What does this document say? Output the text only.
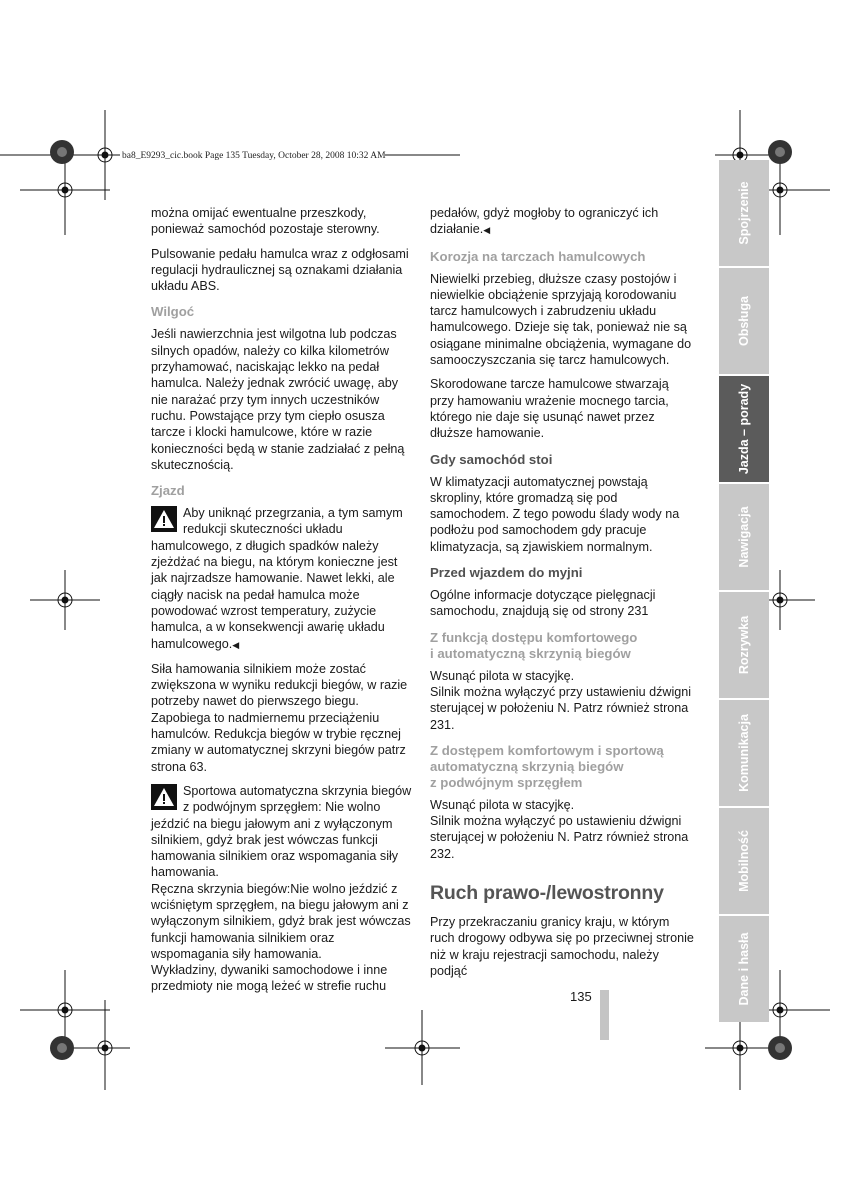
ba8_E9293_cic.book Page 135 Tuesday, October 28, 2008 10:32 AM

można omijać ewentualne przeszkody, ponieważ samochód pozostaje sterowny.

Pulsowanie pedału hamulca wraz z odgłosami regulacji hydraulicznej są oznakami działania układu ABS.

Wilgoć

Jeśli nawierzchnia jest wilgotna lub podczas silnych opadów, należy co kilka kilometrów przyhamować, naciskając lekko na pedał hamulca. Należy jednak zwrócić uwagę, aby nie narażać przy tym innych uczestników ruchu. Powstające przy tym ciepło osusza tarcze i klocki hamulcowe, które w razie konieczności będą w stanie zadziałać z pełną skutecznością.

Zjazd
Aby uniknąć przegrzania, a tym samym redukcji skuteczności układu hamulcowego, z długich spadków należy zjeżdżać na biegu, na którym konieczne jest jak najrzadsze hamowanie. Nawet lekki, ale ciągły nacisk na pedał hamulca może powodować wzrost temperatury, zużycie hamulca, a w konsekwencji awarię układu hamulcowego.◀

Siła hamowania silnikiem może zostać zwiększona w wyniku redukcji biegów, w razie potrzeby nawet do pierwszego biegu. Zapobiega to nadmiernemu przeciążeniu hamulców. Redukcja biegów w trybie ręcznej zmiany w automatycznej skrzyni biegów patrz strona 63.

Sportowa automatyczna skrzynia biegów z podwójnym sprzęgłem: Nie wolno jeździć na biegu jałowym ani z wyłączonym silnikiem, gdyż brak jest wówczas funkcji hamowania silnikiem oraz wspomagania siły hamowania.
Ręczna skrzynia biegów:Nie wolno jeździć z wciśniętym sprzęgłem, na biegu jałowym ani z wyłączonym silnikiem, gdyż brak jest wówczas funkcji hamowania silnikiem oraz wspomagania siły hamowania.
Wykładziny, dywaniki samochodowe i inne przedmioty nie mogą leżeć w strefie ruchu

pedałów, gdyż mogłoby to ograniczyć ich działanie.◀

Korozja na tarczach hamulcowych

Niewielki przebieg, dłuższe czasy postojów i niewielkie obciążenie sprzyjają korodowaniu tarcz hamulcowych i zabrudzeniu układu hamulcowego. Dzieje się tak, ponieważ nie są osiągane minimalne obciążenia, wymagane do samooczyszczania się tarcz hamulcowych.

Skorodowane tarcze hamulcowe stwarzają przy hamowaniu wrażenie mocnego tarcia, którego nie daje się usunąć nawet przez dłuższe hamowanie.

Gdy samochód stoi

W klimatyzacji automatycznej powstają skropliny, które gromadzą się pod samochodem. Z tego powodu ślady wody na podłożu pod samochodem gdy pracuje klimatyzacja, są zjawiskiem normalnym.

Przed wjazdem do myjni

Ogólne informacje dotyczące pielęgnacji samochodu, znajdują się od strony 231

Z funkcją dostępu komfortowego
i automatyczną skrzynią biegów

Wsunąć pilota w stacyjkę.
Silnik można wyłączyć przy ustawieniu dźwigni sterującej w położeniu N. Patrz również strona 231.

Z dostępem komfortowym i sportową
automatyczną skrzynią biegów
z podwójnym sprzęgłem

Wsunąć pilota w stacyjkę.
Silnik można wyłączyć po ustawieniu dźwigni sterującej w położeniu N. Patrz również strona 232.

Ruch prawo-/lewostronny

Przy przekraczaniu granicy kraju, w którym ruch drogowy odbywa się po przeciwnej stronie niż w kraju rejestracji samochodu, należy podjąć

Spojrzenie
Obsługa
Jazda – porady
Nawigacja
Rozrywka
Komunikacja
Mobilność
Dane i hasła
135
